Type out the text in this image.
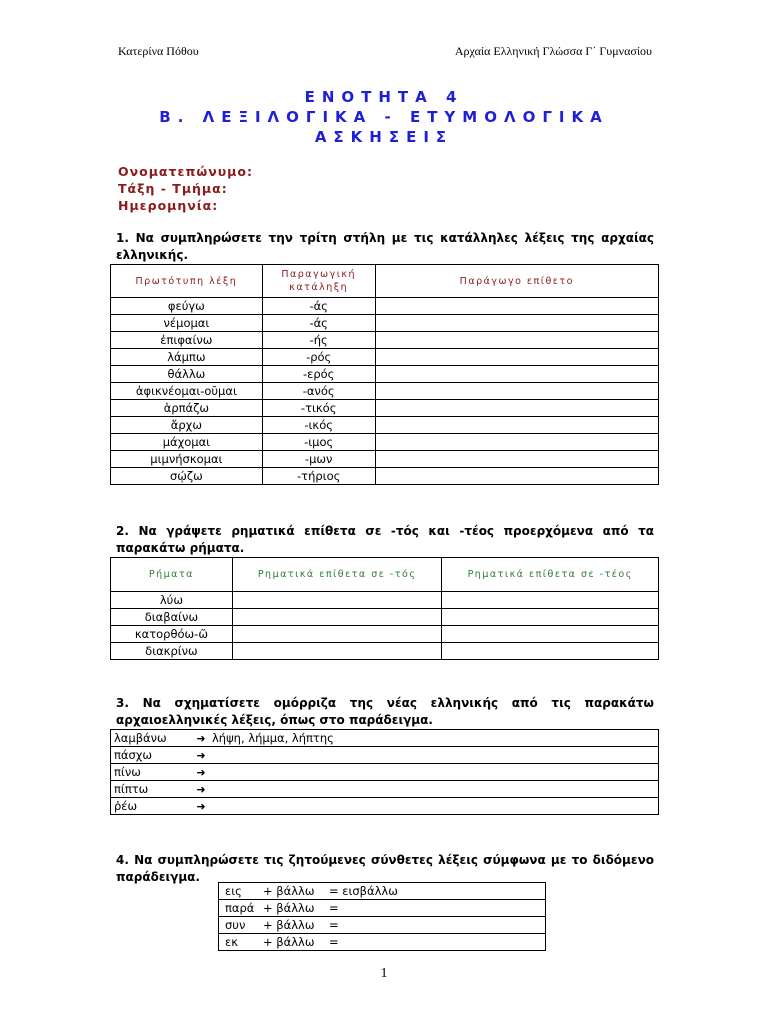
Κατερίνα Πόθου	Αρχαία Ελληνική Γλώσσα Γ΄ Γυμνασίου
ΕΝΟΤΗΤΑ 4
Β. ΛΕΞΙΛΟΓΙΚΑ - ΕΤΥΜΟΛΟΓΙΚΑ
ΑΣΚΗΣΕΙΣ
Ονοματεπώνυμο:
Τάξη - Τμήμα:
Ημερομηνία:
1. Να συμπληρώσετε την τρίτη στήλη με τις κατάλληλες λέξεις της αρχαίας ελληνικής.
Πρωτότυπη λέξη	Παραγωγική κατάληξη	Παράγωγο επίθετο
φεύγω	-άς	
νέμομαι	-άς	
ἐπιφαίνω	-ής	
λάμπω	-ρός	
θάλλω	-ερός	
ἀφικνέομαι-οῦμαι	-ανός	
ἁρπάζω	-τικός	
ἄρχω	-ικός	
μάχομαι	-ιμος	
μιμνήσκομαι	-μων	
σῴζω	-τήριος	
2. Να γράψετε ρηματικά επίθετα σε -τός και -τέος προερχόμενα από τα παρακάτω ρήματα.
Ρήματα	Ρηματικά επίθετα σε -τός	Ρηματικά επίθετα σε -τέος
λύω		
διαβαίνω		
κατορθόω-ῶ		
διακρίνω		
3. Να σχηματίσετε ομόρριζα της νέας ελληνικής από τις παρακάτω αρχαιοελληνικές λέξεις, όπως στο παράδειγμα.
λαμβάνω	➜ λήψη, λήμμα, λήπτης
πάσχω	➜
πίνω	➜
πίπτω	➜
ῥέω	➜
4. Να συμπληρώσετε τις ζητούμενες σύνθετες λέξεις σύμφωνα με το διδόμενο παράδειγμα.
εις + βάλλω = εισβάλλω
παρά + βάλλω =
συν + βάλλω =
εκ + βάλλω =
1
